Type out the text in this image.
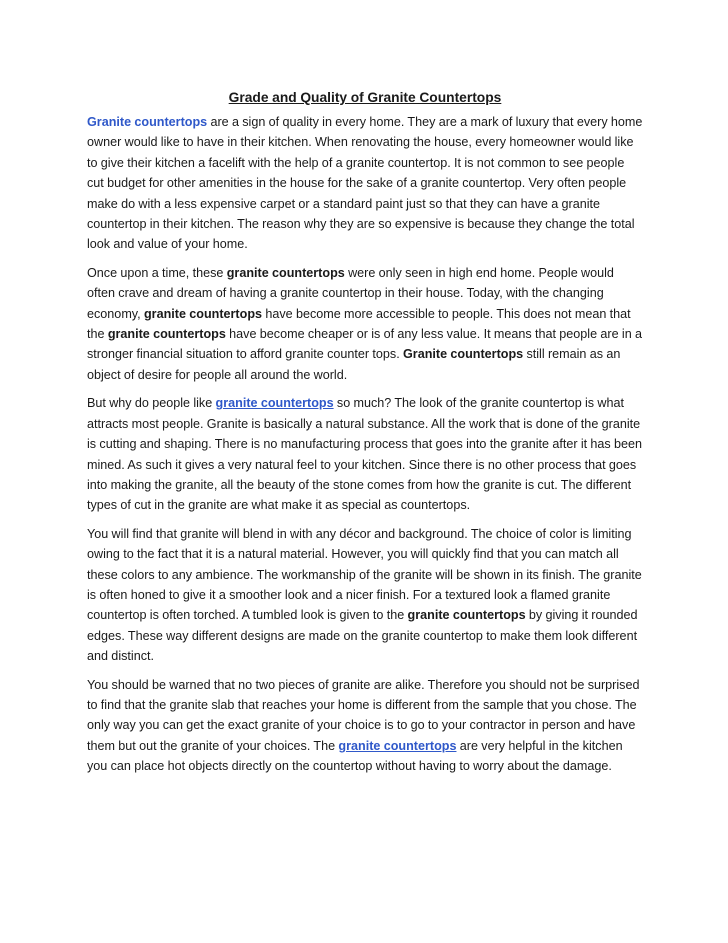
Grade and Quality of Granite Countertops

Granite countertops are a sign of quality in every home. They are a mark of luxury that every home owner would like to have in their kitchen. When renovating the house, every homeowner would like to give their kitchen a facelift with the help of a granite countertop. It is not common to see people cut budget for other amenities in the house for the sake of a granite countertop. Very often people make do with a less expensive carpet or a standard paint just so that they can have a granite countertop in their kitchen. The reason why they are so expensive is because they change the total look and value of your home.

Once upon a time, these granite countertops were only seen in high end home. People would often crave and dream of having a granite countertop in their house. Today, with the changing economy, granite countertops have become more accessible to people. This does not mean that the granite countertops have become cheaper or is of any less value. It means that people are in a stronger financial situation to afford granite counter tops. Granite countertops still remain as an object of desire for people all around the world.

But why do people like granite countertops so much? The look of the granite countertop is what attracts most people. Granite is basically a natural substance. All the work that is done of the granite is cutting and shaping. There is no manufacturing process that goes into the granite after it has been mined. As such it gives a very natural feel to your kitchen. Since there is no other process that goes into making the granite, all the beauty of the stone comes from how the granite is cut. The different types of cut in the granite are what make it as special as countertops.

You will find that granite will blend in with any décor and background. The choice of color is limiting owing to the fact that it is a natural material. However, you will quickly find that you can match all these colors to any ambience. The workmanship of the granite will be shown in its finish. The granite is often honed to give it a smoother look and a nicer finish. For a textured look a flamed granite countertop is often torched. A tumbled look is given to the granite countertops by giving it rounded edges. These way different designs are made on the granite countertop to make them look different and distinct.

You should be warned that no two pieces of granite are alike. Therefore you should not be surprised to find that the granite slab that reaches your home is different from the sample that you chose. The only way you can get the exact granite of your choice is to go to your contractor in person and have them but out the granite of your choices. The granite countertops are very helpful in the kitchen you can place hot objects directly on the countertop without having to worry about the damage.
